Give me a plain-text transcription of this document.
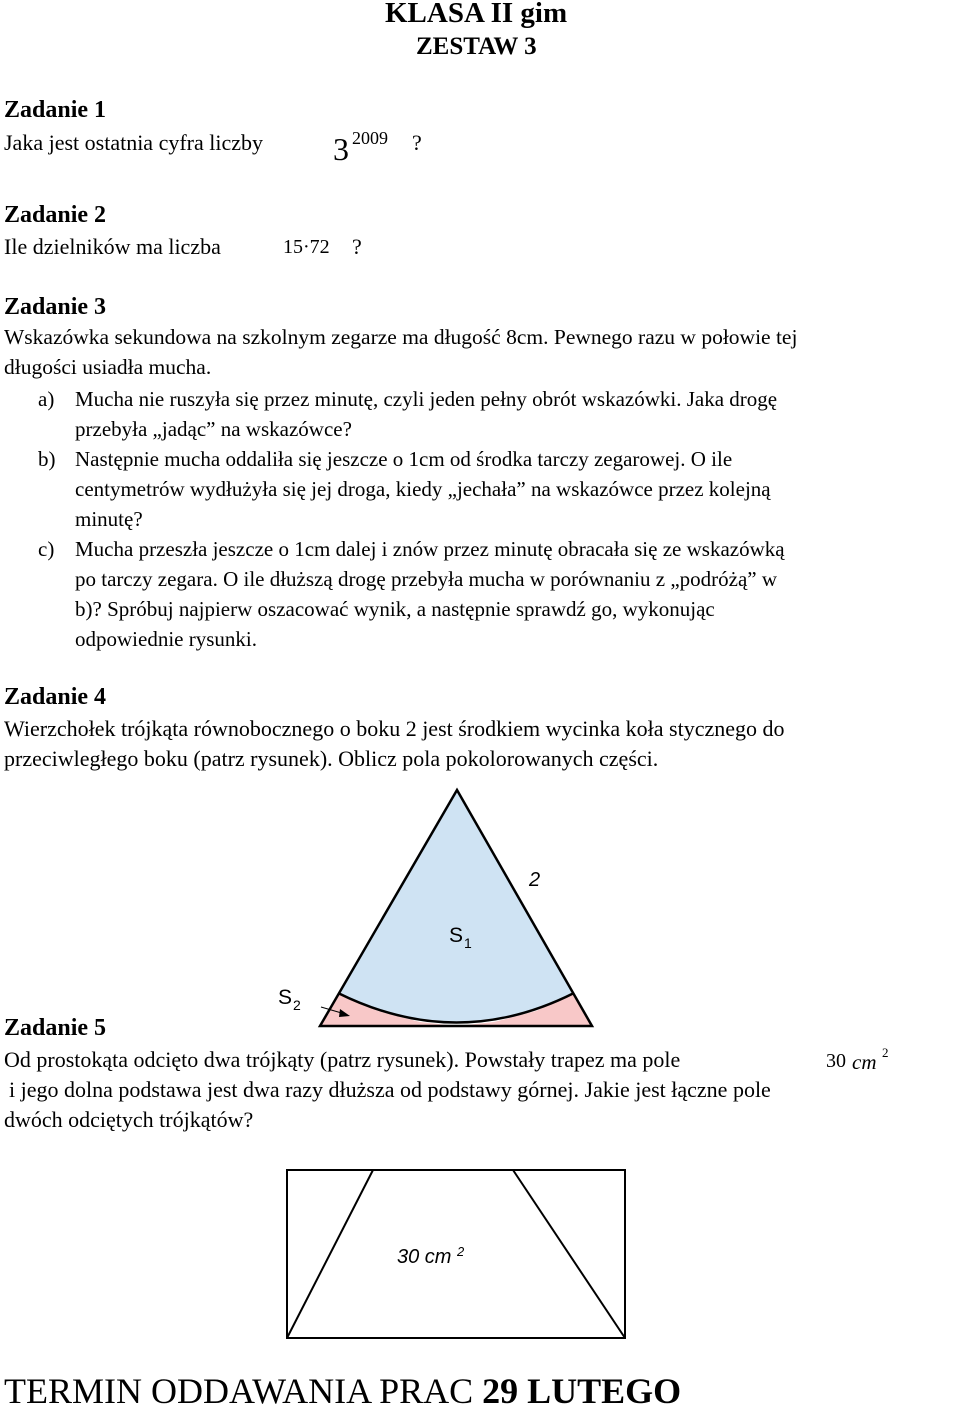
KLASA II gim
ZESTAW 3
Zadanie 1
Jaka jest ostatnia cyfra liczby 3 2009 ?
Zadanie 2
Ile dzielników ma liczba	15·72 ?
Zadanie 3
Wskazówka sekundowa na szkolnym zegarze ma długość 8cm. Pewnego razu w połowie tej
długości usiadła mucha.
a) Mucha nie ruszyła się przez minutę, czyli jeden pełny obrót wskazówki. Jaka drogę
przebyła „jadąc” na wskazówce?
b) Następnie mucha oddaliła się jeszcze o 1cm od środka tarczy zegarowej. O ile
centymetrów wydłużyła się jej droga, kiedy „jechała” na wskazówce przez kolejną
minutę?
c) Mucha przeszła jeszcze o 1cm dalej i znów przez minutę obracała się ze wskazówką
po tarczy zegara. O ile dłuższą drogę przebyła mucha w porównaniu z „podróżą” w
b)? Spróbuj najpierw oszacować wynik, a następnie sprawdź go, wykonując
odpowiednie rysunki.
Zadanie 4
Wierzchołek trójkąta równobocznego o boku 2 jest środkiem wycinka koła stycznego do
przeciwległego boku (patrz rysunek). Oblicz pola pokolorowanych części.
2
S 1
S 2
Zadanie 5
Od prostokąta odcięto dwa trójkąty (patrz rysunek). Powstały trapez ma pole	30 cm 2
i jego dolna podstawa jest dwa razy dłuższa od podstawy górnej. Jakie jest łączne pole
dwóch odciętych trójkątów?
30 cm 2
TERMIN ODDAWANIA PRAC 29 LUTEGO
